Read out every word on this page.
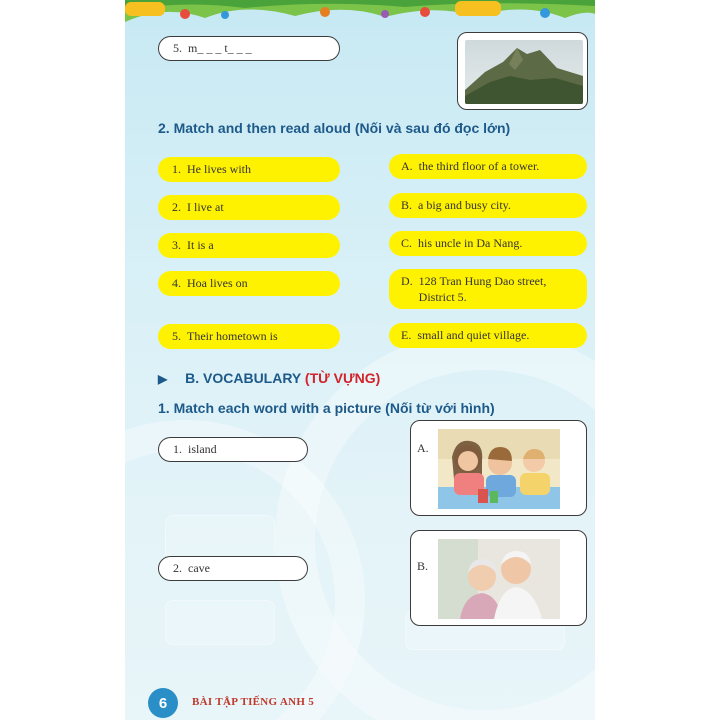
5. m_ _ _ t_ _ _
2. Match and then read aloud (Nối và sau đó đọc lớn)
1. He lives with
2. I live at
3. It is a
4. Hoa lives on
5. Their hometown is
A. the third floor of a tower.
B. a big and busy city.
C. his uncle in Da Nang.
D. 128 Tran Hung Dao street, District 5.
E. small and quiet village.
▶ B. VOCABULARY (TỪ VỰNG)
1. Match each word with a picture (Nối từ với hình)
1. island
2. cave
A.
B.
6 BÀI TẬP TIẾNG ANH 5
